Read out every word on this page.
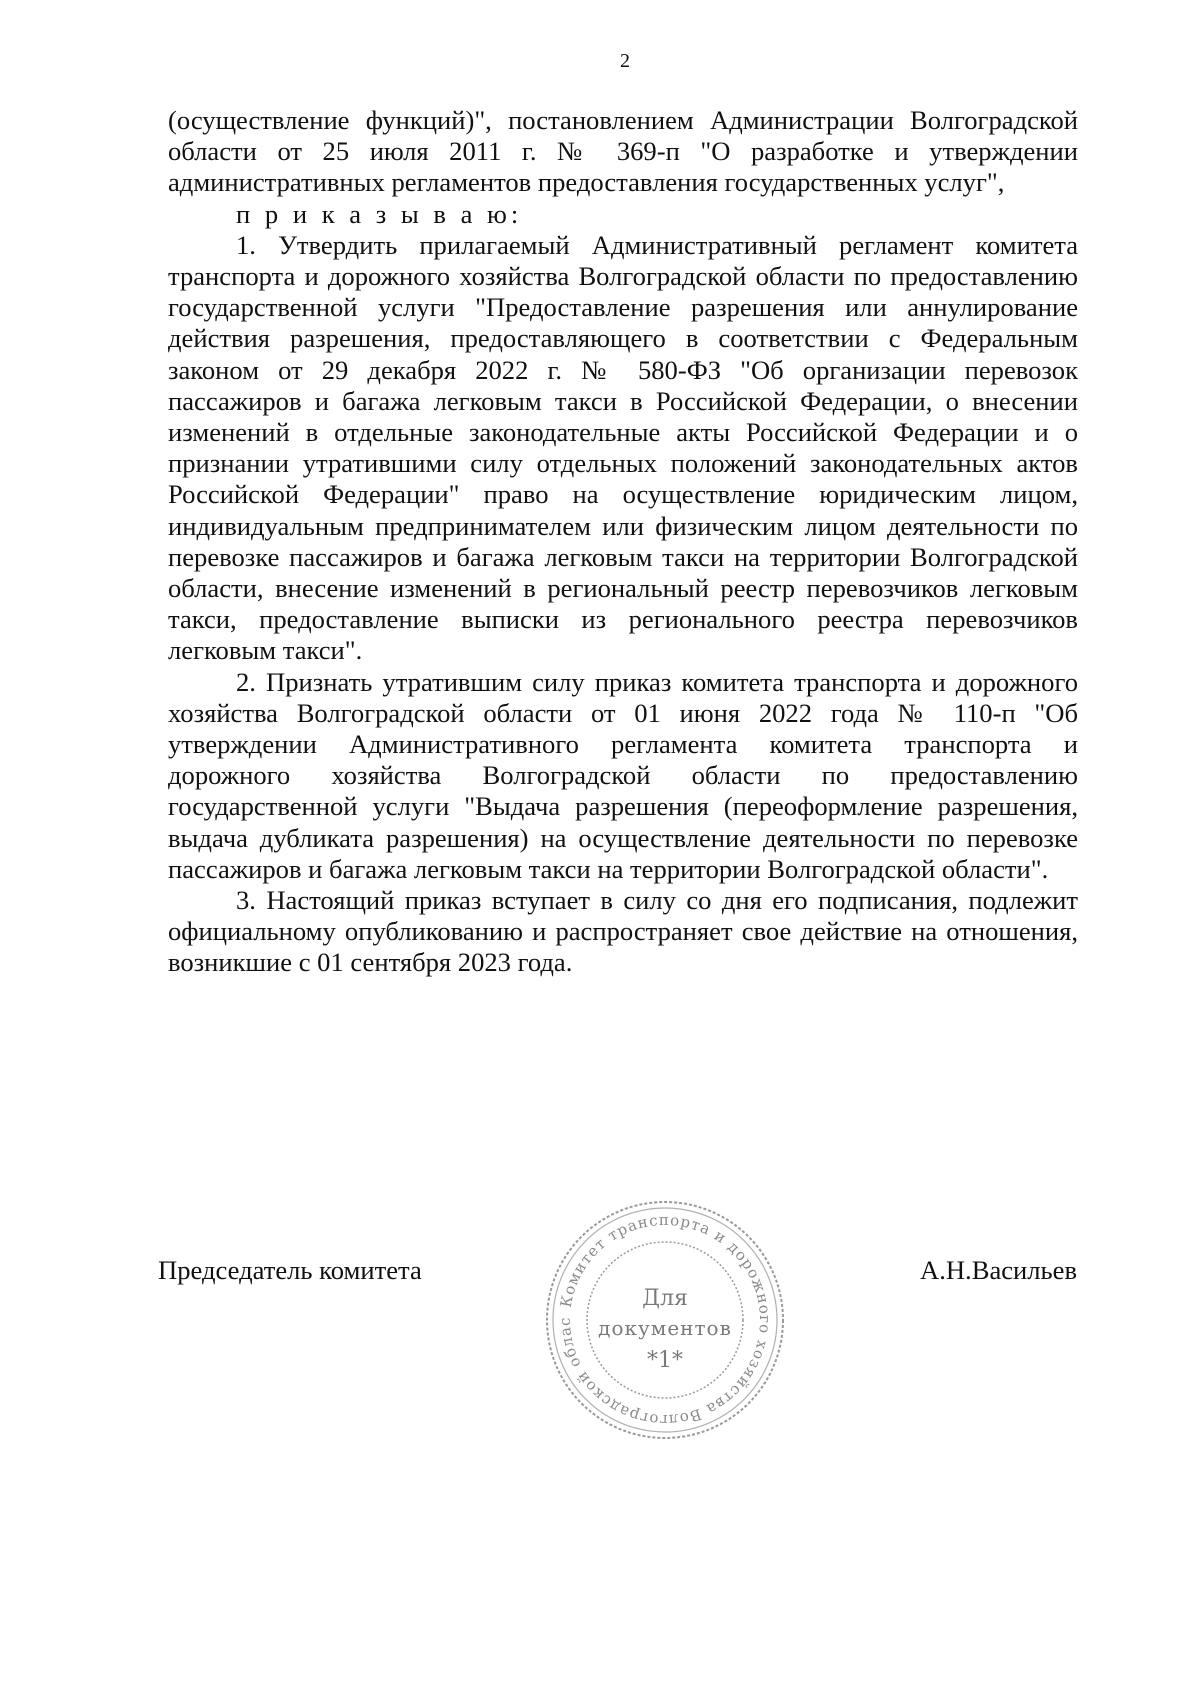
2

(осуществление функций)", постановлением Администрации Волгоградской области от 25 июля 2011 г. № 369-п "О разработке и утверждении административных регламентов предоставления государственных услуг",

п р и к а з ы в а ю:

1. Утвердить прилагаемый Административный регламент комитета транспорта и дорожного хозяйства Волгоградской области по предоставлению государственной услуги "Предоставление разрешения или аннулирование действия разрешения, предоставляющего в соответствии с Федеральным законом от 29 декабря 2022 г. № 580-ФЗ "Об организации перевозок пассажиров и багажа легковым такси в Российской Федерации, о внесении изменений в отдельные законодательные акты Российской Федерации и о признании утратившими силу отдельных положений законодательных актов Российской Федерации" право на осуществление юридическим лицом, индивидуальным предпринимателем или физическим лицом деятельности по перевозке пассажиров и багажа легковым такси на территории Волгоградской области, внесение изменений в региональный реестр перевозчиков легковым такси, предоставление выписки из регионального реестра перевозчиков легковым такси".

2. Признать утратившим силу приказ комитета транспорта и дорожного хозяйства Волгоградской области от 01 июня 2022 года № 110-п "Об утверждении Административного регламента комитета транспорта и дорожного хозяйства Волгоградской области по предоставлению государственной услуги "Выдача разрешения (переоформление разрешения, выдача дубликата разрешения) на осуществление деятельности по перевозке пассажиров и багажа легковым такси на территории Волгоградской области".

3. Настоящий приказ вступает в силу со дня его подписания, подлежит официальному опубликованию и распространяет свое действие на отношения, возникшие с 01 сентября 2023 года.

Председатель комитета	А.Н.Васильев
Комитет транспорта и дорожного хозяйства Волгоградской облас
Для
документов
*1*
